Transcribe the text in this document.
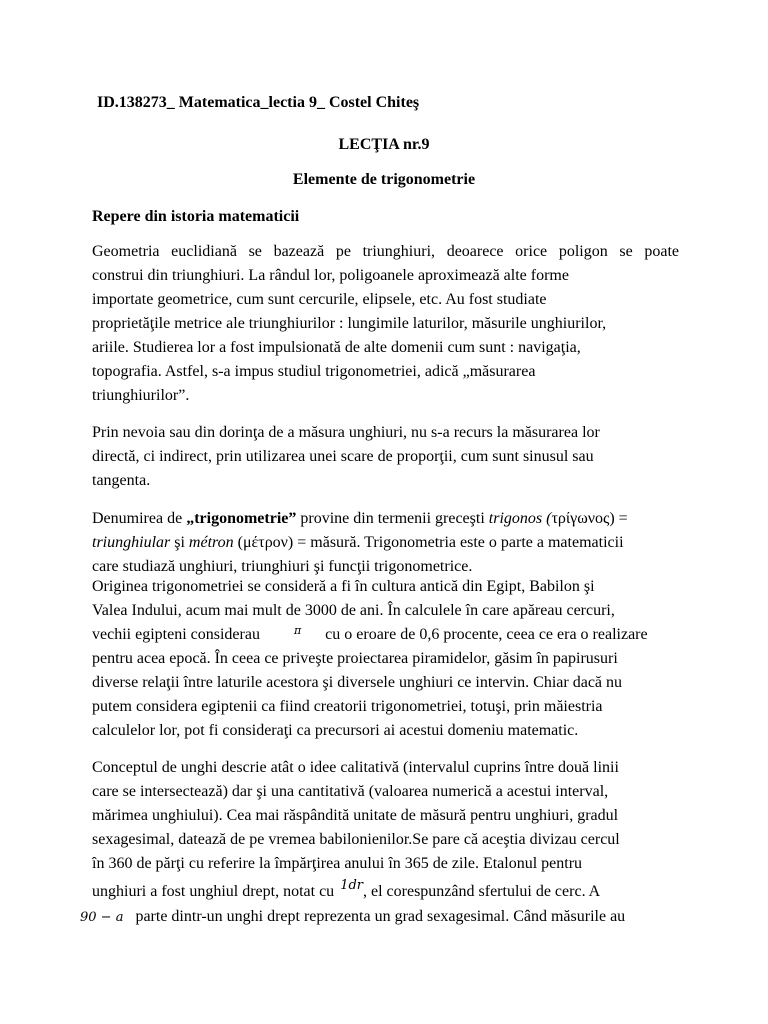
ID.138273_ Matematica_lectia 9_ Costel Chiteş
LECŢIA nr.9
Elemente de trigonometrie
Repere din istoria matematicii
Geometria euclidiană se bazează pe triunghiuri, deoarece orice poligon se poate
construi din triunghiuri. La rândul lor, poligoanele aproximează alte forme
importate geometrice, cum sunt cercurile, elipsele, etc. Au fost studiate
proprietăţile metrice ale triunghiurilor : lungimile laturilor, măsurile unghiurilor,
ariile. Studierea lor a fost impulsionată de alte domenii cum sunt : navigaţia,
topografia. Astfel, s-a impus studiul trigonometriei, adică „măsurarea
triunghiurilor”.
Prin nevoia sau din dorinţa de a măsura unghiuri, nu s-a recurs la măsurarea lor
directă, ci indirect, prin utilizarea unei scare de proporţii, cum sunt sinusul sau
tangenta.
Denumirea de „trigonometrie” provine din termenii greceşti trigonos (τρίγωνος) =
triunghiular şi métron (μέτρον) = măsură. Trigonometria este o parte a matematicii
care studiază unghiuri, triunghiuri şi funcţii trigonometrice.
Originea trigonometriei se consideră a fi în cultura antică din Egipt, Babilon şi
Valea Indului, acum mai mult de 3000 de ani. În calculele în care apăreau cercuri,
vechii egipteni considerau	π cu o eroare de 0,6 procente, ceea ce era o realizare
pentru acea epocă. În ceea ce priveşte proiectarea piramidelor, găsim în papirusuri
diverse relaţii între laturile acestora şi diversele unghiuri ce intervin. Chiar dacă nu
putem considera egiptenii ca fiind creatorii trigonometriei, totuşi, prin măiestria
calculelor lor, pot fi consideraţi ca precursori ai acestui domeniu matematic.
Conceptul de unghi descrie atât o idee calitativă (intervalul cuprins între două linii
care se intersectează) dar şi una cantitativă (valoarea numerică a acestui interval,
mărimea unghiului). Cea mai răspândită unitate de măsură pentru unghiuri, gradul
sexagesimal, datează de pe vremea babilonienilor.Se pare că aceştia divizau cercul
în 360 de părţi cu referire la împărţirea anului în 365 de zile. Etalonul pentru
unghiuri a fost unghiul drept, notat cu 1dr, el corespunzând sfertului de cerc. A
90 − a parte dintr-un unghi drept reprezenta un grad sexagesimal. Când măsurile au
